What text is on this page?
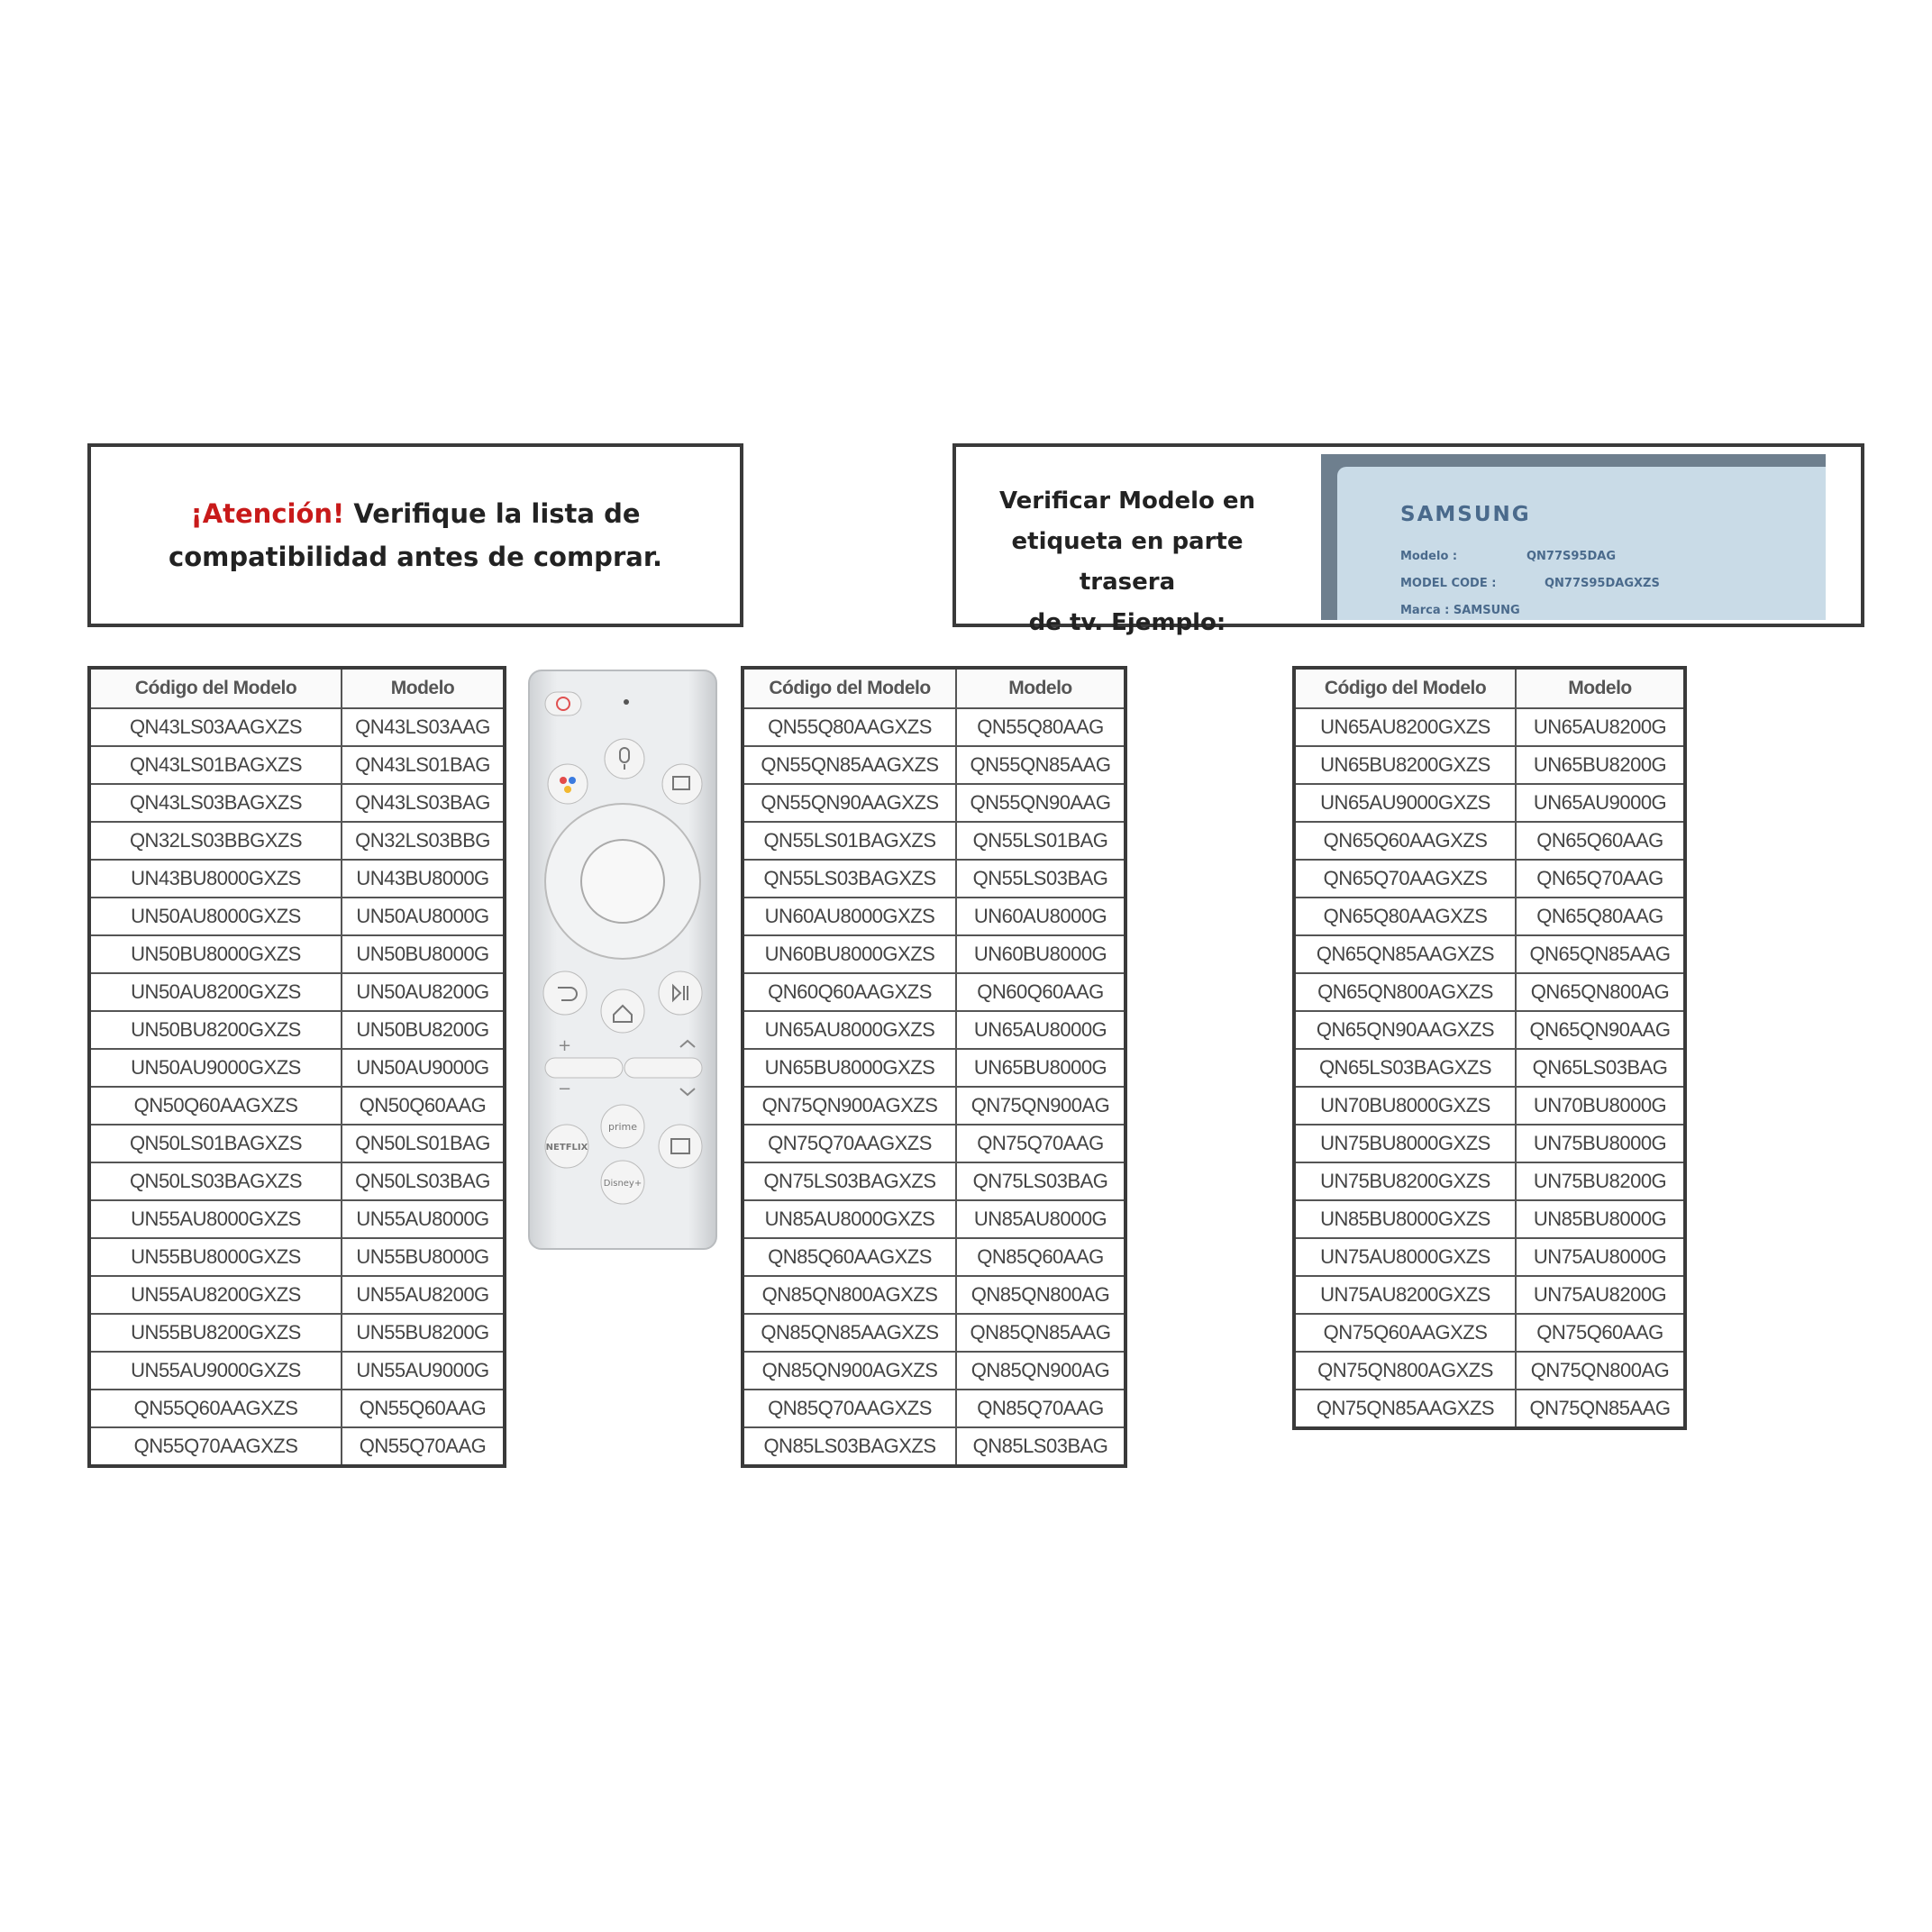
¡Atención! Verifique la lista de
compatibilidad antes de comprar.
Verificar Modelo en
etiqueta en parte trasera
de tv. Ejemplo:
SAMSUNG
Modelo :	QN77S95DAG
MODEL CODE :	QN77S95DAGXZS
Marca : SAMSUNG
Código del Modelo	Modelo
QN43LS03AAGXZS	QN43LS03AAG
QN43LS01BAGXZS	QN43LS01BAG
QN43LS03BAGXZS	QN43LS03BAG
QN32LS03BBGXZS	QN32LS03BBG
UN43BU8000GXZS	UN43BU8000G
UN50AU8000GXZS	UN50AU8000G
UN50BU8000GXZS	UN50BU8000G
UN50AU8200GXZS	UN50AU8200G
UN50BU8200GXZS	UN50BU8200G
UN50AU9000GXZS	UN50AU9000G
QN50Q60AAGXZS	QN50Q60AAG
QN50LS01BAGXZS	QN50LS01BAG
QN50LS03BAGXZS	QN50LS03BAG
UN55AU8000GXZS	UN55AU8000G
UN55BU8000GXZS	UN55BU8000G
UN55AU8200GXZS	UN55AU8200G
UN55BU8200GXZS	UN55BU8200G
UN55AU9000GXZS	UN55AU9000G
QN55Q60AAGXZS	QN55Q60AAG
QN55Q70AAGXZS	QN55Q70AAG
+
−
NETFLIX
prime
Disney+
Código del Modelo	Modelo
QN55Q80AAGXZS	QN55Q80AAG
QN55QN85AAGXZS	QN55QN85AAG
QN55QN90AAGXZS	QN55QN90AAG
QN55LS01BAGXZS	QN55LS01BAG
QN55LS03BAGXZS	QN55LS03BAG
UN60AU8000GXZS	UN60AU8000G
UN60BU8000GXZS	UN60BU8000G
QN60Q60AAGXZS	QN60Q60AAG
UN65AU8000GXZS	UN65AU8000G
UN65BU8000GXZS	UN65BU8000G
QN75QN900AGXZS	QN75QN900AG
QN75Q70AAGXZS	QN75Q70AAG
QN75LS03BAGXZS	QN75LS03BAG
UN85AU8000GXZS	UN85AU8000G
QN85Q60AAGXZS	QN85Q60AAG
QN85QN800AGXZS	QN85QN800AG
QN85QN85AAGXZS	QN85QN85AAG
QN85QN900AGXZS	QN85QN900AG
QN85Q70AAGXZS	QN85Q70AAG
QN85LS03BAGXZS	QN85LS03BAG
Código del Modelo	Modelo
UN65AU8200GXZS	UN65AU8200G
UN65BU8200GXZS	UN65BU8200G
UN65AU9000GXZS	UN65AU9000G
QN65Q60AAGXZS	QN65Q60AAG
QN65Q70AAGXZS	QN65Q70AAG
QN65Q80AAGXZS	QN65Q80AAG
QN65QN85AAGXZS	QN65QN85AAG
QN65QN800AGXZS	QN65QN800AG
QN65QN90AAGXZS	QN65QN90AAG
QN65LS03BAGXZS	QN65LS03BAG
UN70BU8000GXZS	UN70BU8000G
UN75BU8000GXZS	UN75BU8000G
UN75BU8200GXZS	UN75BU8200G
UN85BU8000GXZS	UN85BU8000G
UN75AU8000GXZS	UN75AU8000G
UN75AU8200GXZS	UN75AU8200G
QN75Q60AAGXZS	QN75Q60AAG
QN75QN800AGXZS	QN75QN800AG
QN75QN85AAGXZS	QN75QN85AAG
